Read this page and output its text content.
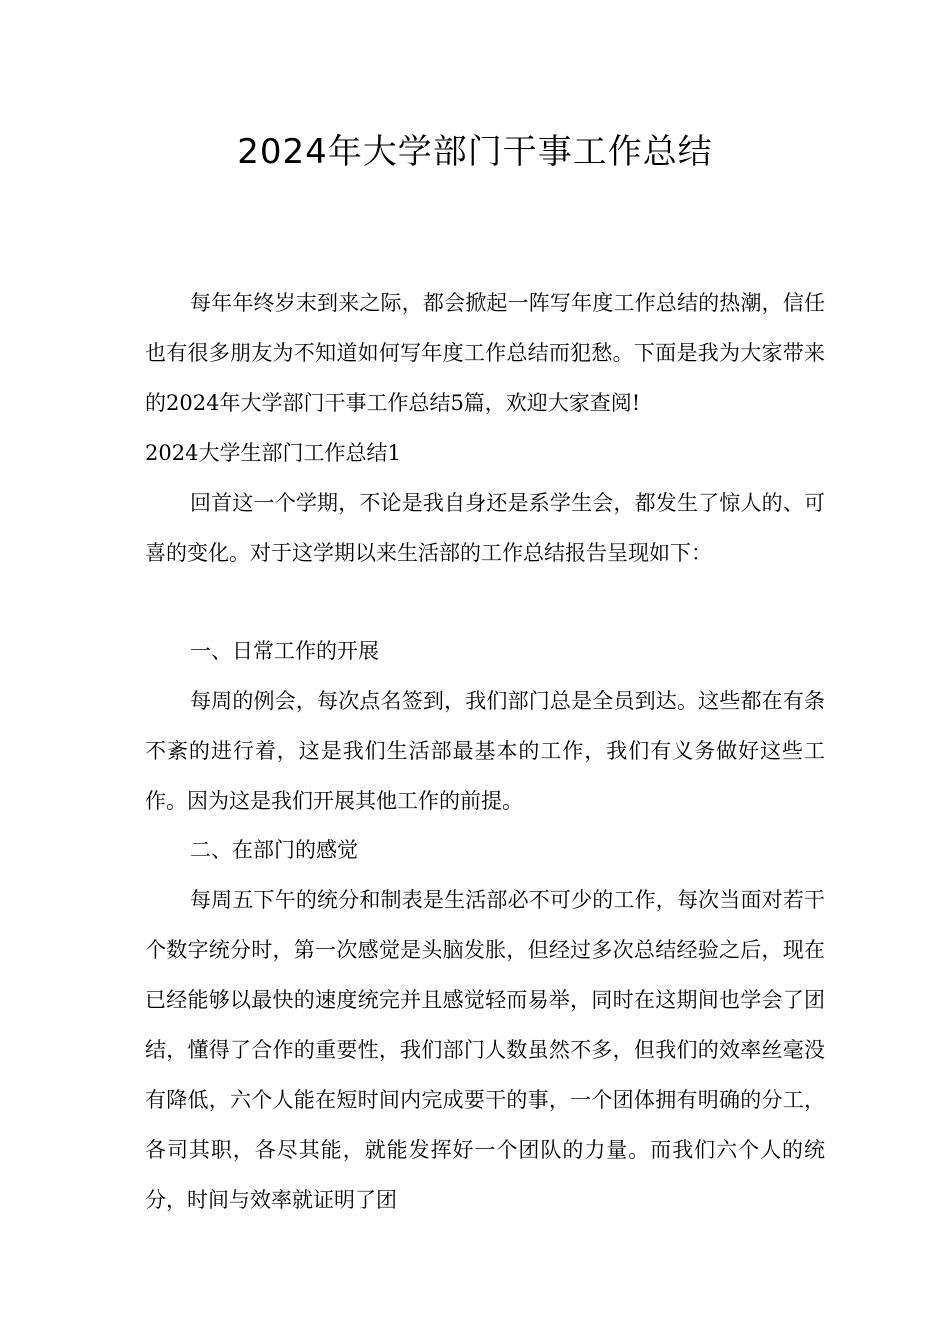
2024年大学部门干事工作总结

每年年终岁末到来之际，都会掀起一阵写年度工作总结的热潮，信任也有很多朋友为不知道如何写年度工作总结而犯愁。下面是我为大家带来的2024年大学部门干事工作总结5篇，欢迎大家查阅!

2024大学生部门工作总结1

回首这一个学期，不论是我自身还是系学生会，都发生了惊人的、可喜的变化。对于这学期以来生活部的工作总结报告呈现如下：

一、日常工作的开展

每周的例会，每次点名签到，我们部门总是全员到达。这些都在有条不紊的进行着，这是我们生活部最基本的工作，我们有义务做好这些工作。因为这是我们开展其他工作的前提。

二、在部门的感觉

每周五下午的统分和制表是生活部必不可少的工作，每次当面对若干个数字统分时，第一次感觉是头脑发胀，但经过多次总结经验之后，现在已经能够以最快的速度统完并且感觉轻而易举，同时在这期间也学会了团结，懂得了合作的重要性，我们部门人数虽然不多，但我们的效率丝毫没有降低，六个人能在短时间内完成要干的事，一个团体拥有明确的分工，各司其职，各尽其能，就能发挥好一个团队的力量。而我们六个人的统分，时间与效率就证明了团
